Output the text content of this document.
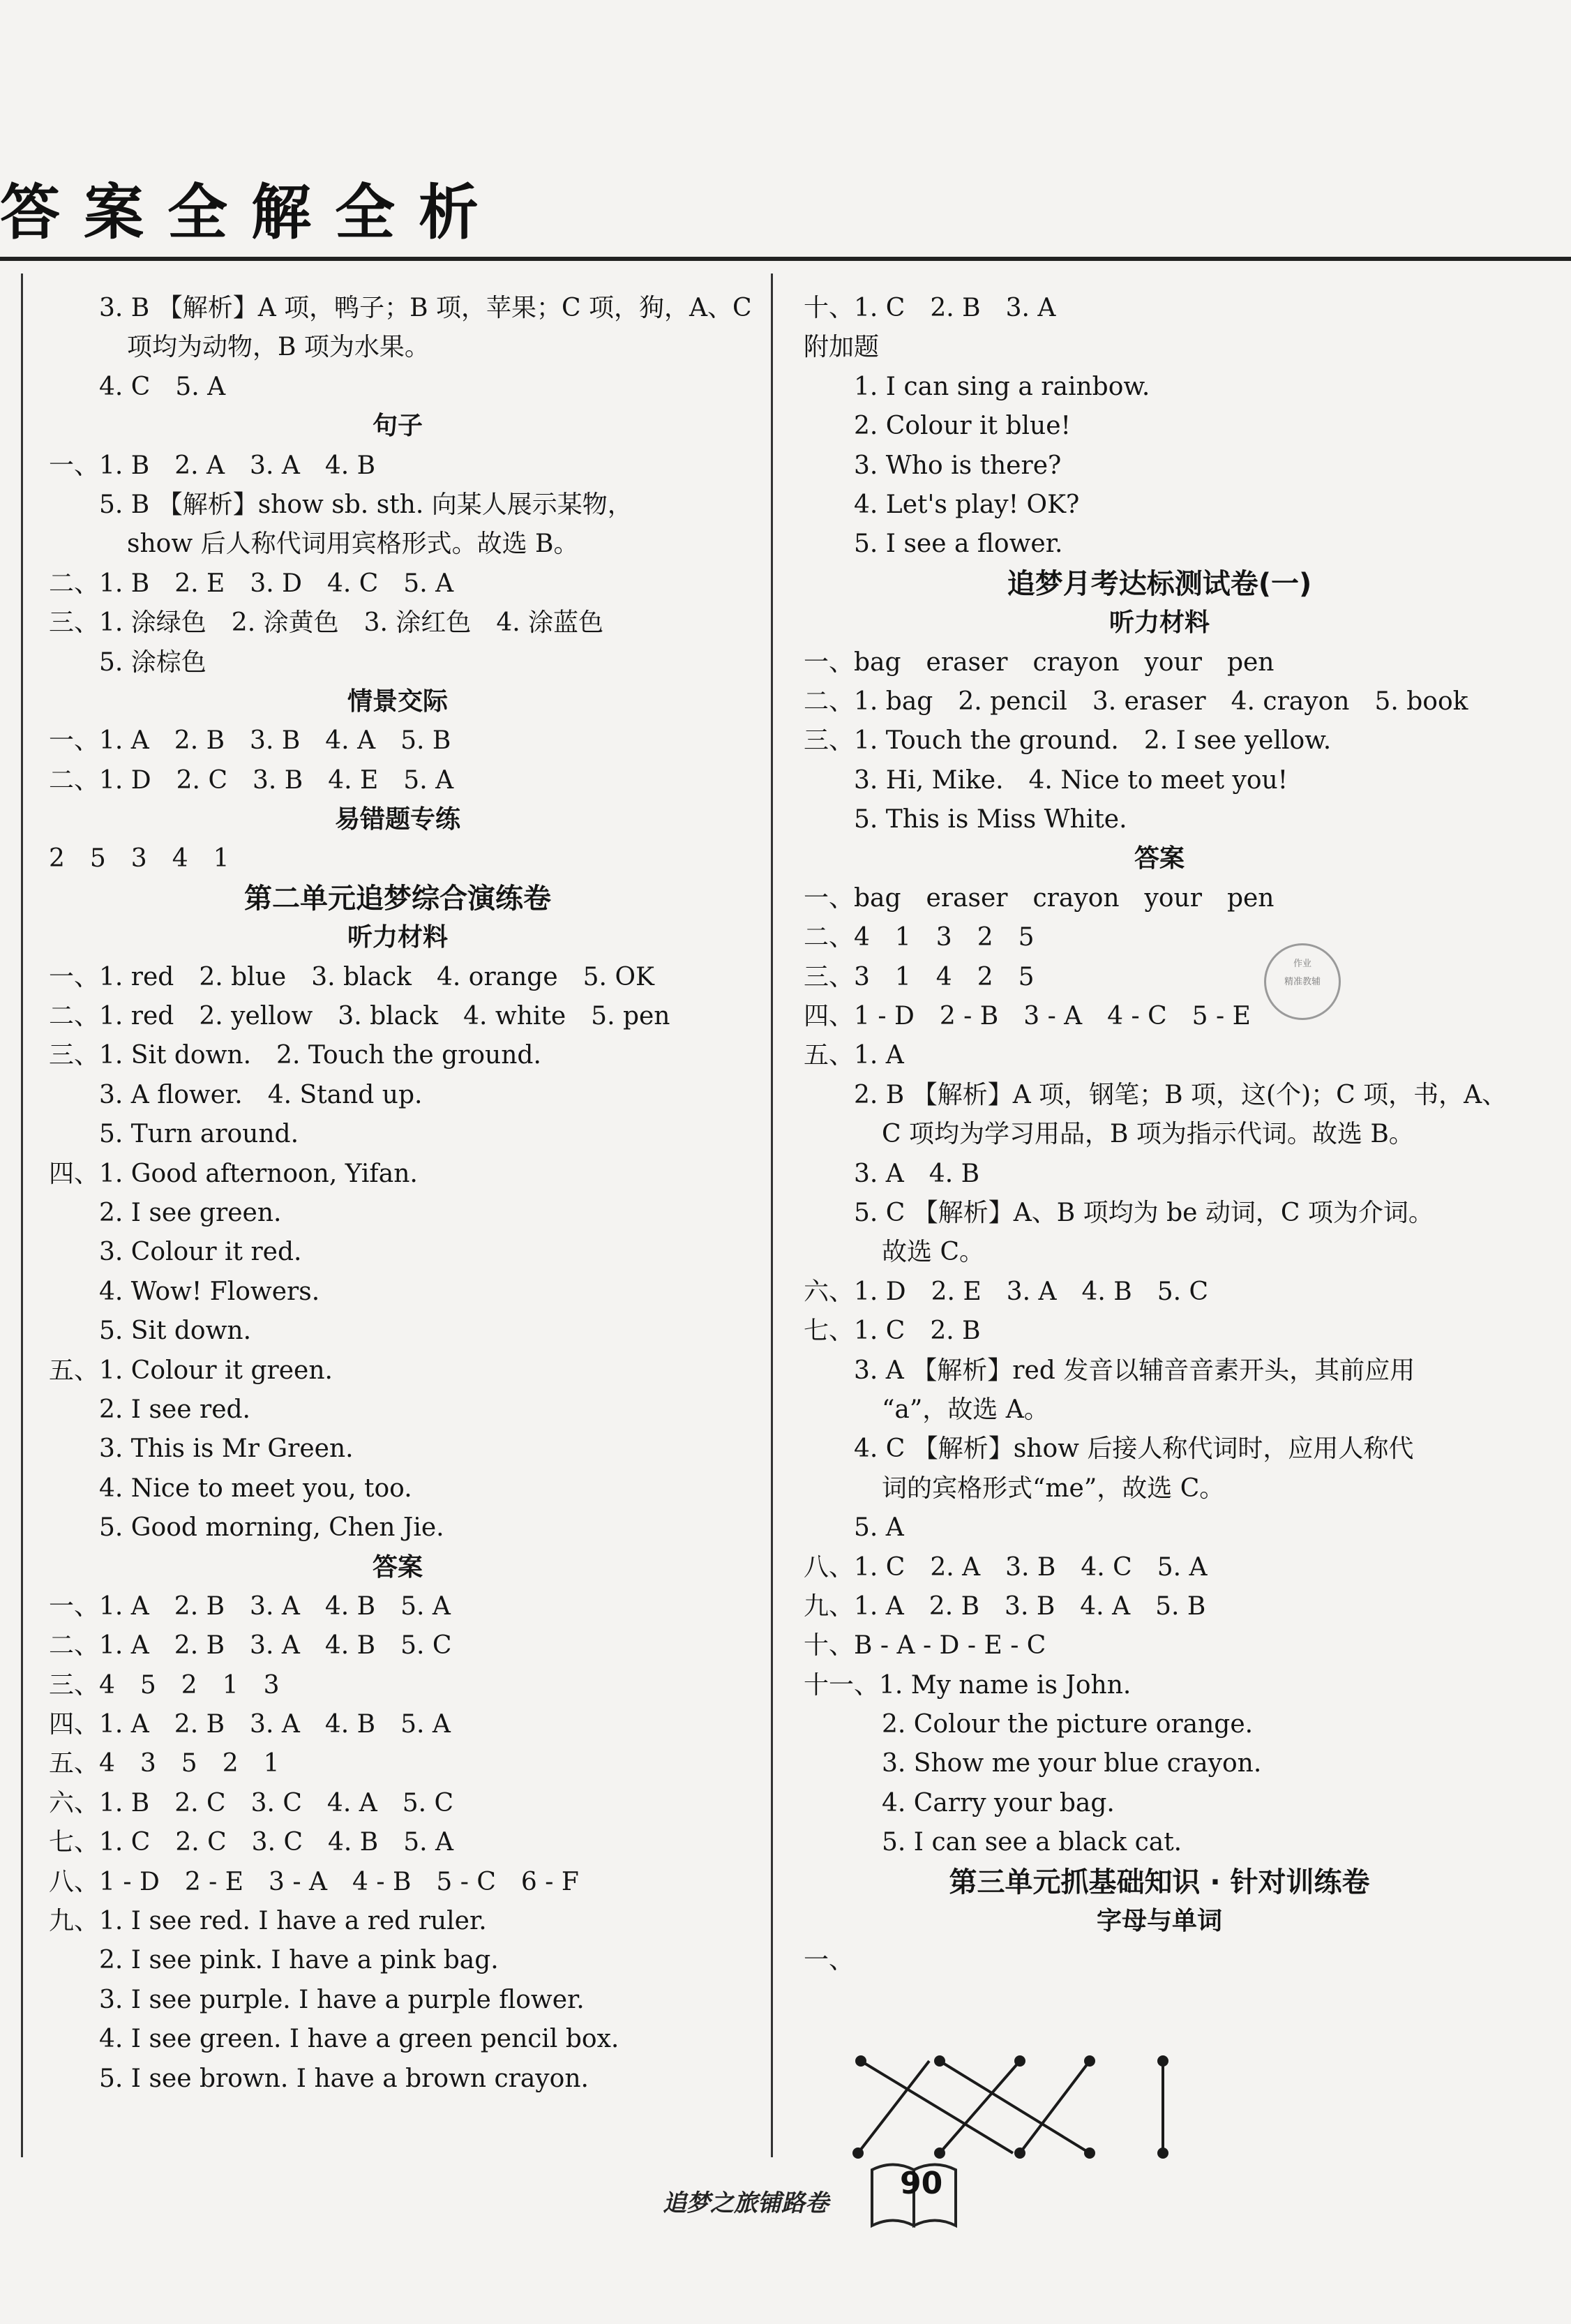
答案全解全析
3. B 【解析】A 项，鸭子；B 项，苹果；C 项，狗，A、C
项均为动物，B 项为水果。
4. C　5. A
句子
一、1. B　2. A　3. A　4. B
5. B 【解析】show sb. sth. 向某人展示某物，
show 后人称代词用宾格形式。故选 B。
二、1. B　2. E　3. D　4. C　5. A
三、1. 涂绿色　2. 涂黄色　3. 涂红色　4. 涂蓝色
5. 涂棕色
情景交际
一、1. A　2. B　3. B　4. A　5. B
二、1. D　2. C　3. B　4. E　5. A
易错题专练
2　5　3　4　1
第二单元追梦综合演练卷
听力材料
一、1. red　2. blue　3. black　4. orange　5. OK
二、1. red　2. yellow　3. black　4. white　5. pen
三、1. Sit down.　2. Touch the ground.
3. A flower.　4. Stand up.
5. Turn around.
四、1. Good afternoon, Yifan.
2. I see green.
3. Colour it red.
4. Wow! Flowers.
5. Sit down.
五、1. Colour it green.
2. I see red.
3. This is Mr Green.
4. Nice to meet you, too.
5. Good morning, Chen Jie.
答案
一、1. A　2. B　3. A　4. B　5. A
二、1. A　2. B　3. A　4. B　5. C
三、4　5　2　1　3
四、1. A　2. B　3. A　4. B　5. A
五、4　3　5　2　1
六、1. B　2. C　3. C　4. A　5. C
七、1. C　2. C　3. C　4. B　5. A
八、1 - D　2 - E　3 - A　4 - B　5 - C　6 - F
九、1. I see red. I have a red ruler.
2. I see pink. I have a pink bag.
3. I see purple. I have a purple flower.
4. I see green. I have a green pencil box.
5. I see brown. I have a brown crayon.
十、1. C　2. B　3. A
附加题
1. I can sing a rainbow.
2. Colour it blue!
3. Who is there?
4. Let's play! OK?
5. I see a flower.
追梦月考达标测试卷(一)
听力材料
一、bag　eraser　crayon　your　pen
二、1. bag　2. pencil　3. eraser　4. crayon　5. book
三、1. Touch the ground.　2. I see yellow.
3. Hi, Mike.　4. Nice to meet you!
5. This is Miss White.
答案
一、bag　eraser　crayon　your　pen
二、4　1　3　2　5
三、3　1　4　2　5
四、1 - D　2 - B　3 - A　4 - C　5 - E
五、1. A
2. B 【解析】A 项，钢笔；B 项，这(个)；C 项，书，A、
C 项均为学习用品，B 项为指示代词。故选 B。
3. A　4. B
5. C 【解析】A、B 项均为 be 动词，C 项为介词。
故选 C。
六、1. D　2. E　3. A　4. B　5. C
七、1. C　2. B
3. A 【解析】red 发音以辅音音素开头，其前应用
“a”，故选 A。
4. C 【解析】show 后接人称代词时，应用人称代
词的宾格形式“me”，故选 C。
5. A
八、1. C　2. A　3. B　4. C　5. A
九、1. A　2. B　3. B　4. A　5. B
十、B - A - D - E - C
十一、1. My name is John.
2. Colour the picture orange.
3. Show me your blue crayon.
4. Carry your bag.
5. I can see a black cat.
第三单元抓基础知识 · 针对训练卷
字母与单词
一、
作业
精准教辅
追梦之旅铺路卷
90
